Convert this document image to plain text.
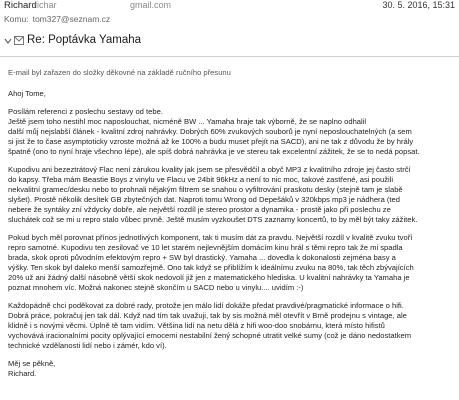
Richard
richar	gmail.com	30. 5. 2016, 15:31
Komu: tom327@seznam.cz
Re: Poptávka Yamaha
E-mail byl zařazen do složky děkovné na základě ručního přesunu

Ahoj Tome,

Posílám referenci z poslechu sestavy od tebe.
Ještě jsem toho nestihl moc naposlouchat, nicméně BW ... Yamaha hraje tak výborně, že se naplno odhalil
další můj nejslabší článek - kvalitní zdroj nahrávky. Dobrých 60% zvukových souborů je nyní neposlouchatelných (a sem
si jist že to čase asymptoticky vzroste možná až ke 100% a budu muset přejít na SACD), ani ne tak z důvodu že by hrály
špatně (ono to nyní hraje všechno lépe), ale spíš dobrá nahrávka je ve stereu tak excelentní zážitek, že se to nedá popsat.

Kupodivu ani bezeztrátový Flac není zárukou kvality jak jsem se přesvědčil a obyč MP3 z kvalitního zdroje jej často strčí
do kapsy. Třeba mám Beastie Boys z vinylu ve Flacu ve 24bit 96kHz a není to nic moc, takové zastřené, asi použili
nekvalitní gramec/desku nebo to prohnali nějakým filtrem se snahou o vyfiltrování praskotu desky (stejně tam je slabě
slyšet). Prostě několik desítek GB zbytečných dat. Naproti tomu Wrong od Depešáků v 320kbps mp3 je nádhera (ted
nebere že syntáky zní vždycky dobře, ale největší rozdíl je stereo prostor a dynamika - prostě jako při poslechu ze
sluchátek což se mi u repro stalo vůbec prvně. Ještě musím vyzkoušet DTS zaznamy koncertů, to by měl být taky zážitek.

Pokud bych měl porovnat přínos jednotlivých komponent, tak ti musím dát za pravdu. Největší rozdíl v kvalitě zvuku tvoří
repro samotné. Kupodivu ten zesilovač ve 10 let starém nejlevnějším domácím kinu hrál s těmi repro tak že mi spadla
brada, skok oproti původním efektovým repro + SW byl drastický. Yamaha ... dovedla k dokonalosti zejména basy a
výšky. Ten skok byl daleko menší samozřejmě. Ono tak když se přiblížím k ideálnímu zvuku na 80%, tak těch zbývajících
20% už ani žádný další násobně větší skok nedovolí již jen z matematického hlediska. U kvalitní nahrávky ta Yamaha je
poznat mnohem víc. Možná nakonec stejně skončím u SACD nebo u vinylu.... uvidím :-)

Každopádně chci poděkovat za dobré rady, protože jen málo lidí dokáže předat pravdivé/pragmatické informace o hifi.
Dobrá práce, pokračuj jen tak dál. Když nad tím tak uvažuji, tak by sis možná měl otevřít v Brně prodejnu s vintage, ale
klidně i s novými věcmi. Úplně tě tam vidím. Většina lidí na netu dělá z hifi woo-doo snobárnu, která místo hifistů
vychovává iracionalními pocity oplývající emocemi nestabilní žený schopné utratit velké sumy (což je dáno nedostatkem
technické vzdělanosti lidí nebo i zámér, kdo ví).

Měj se pěkně,
Richard.
